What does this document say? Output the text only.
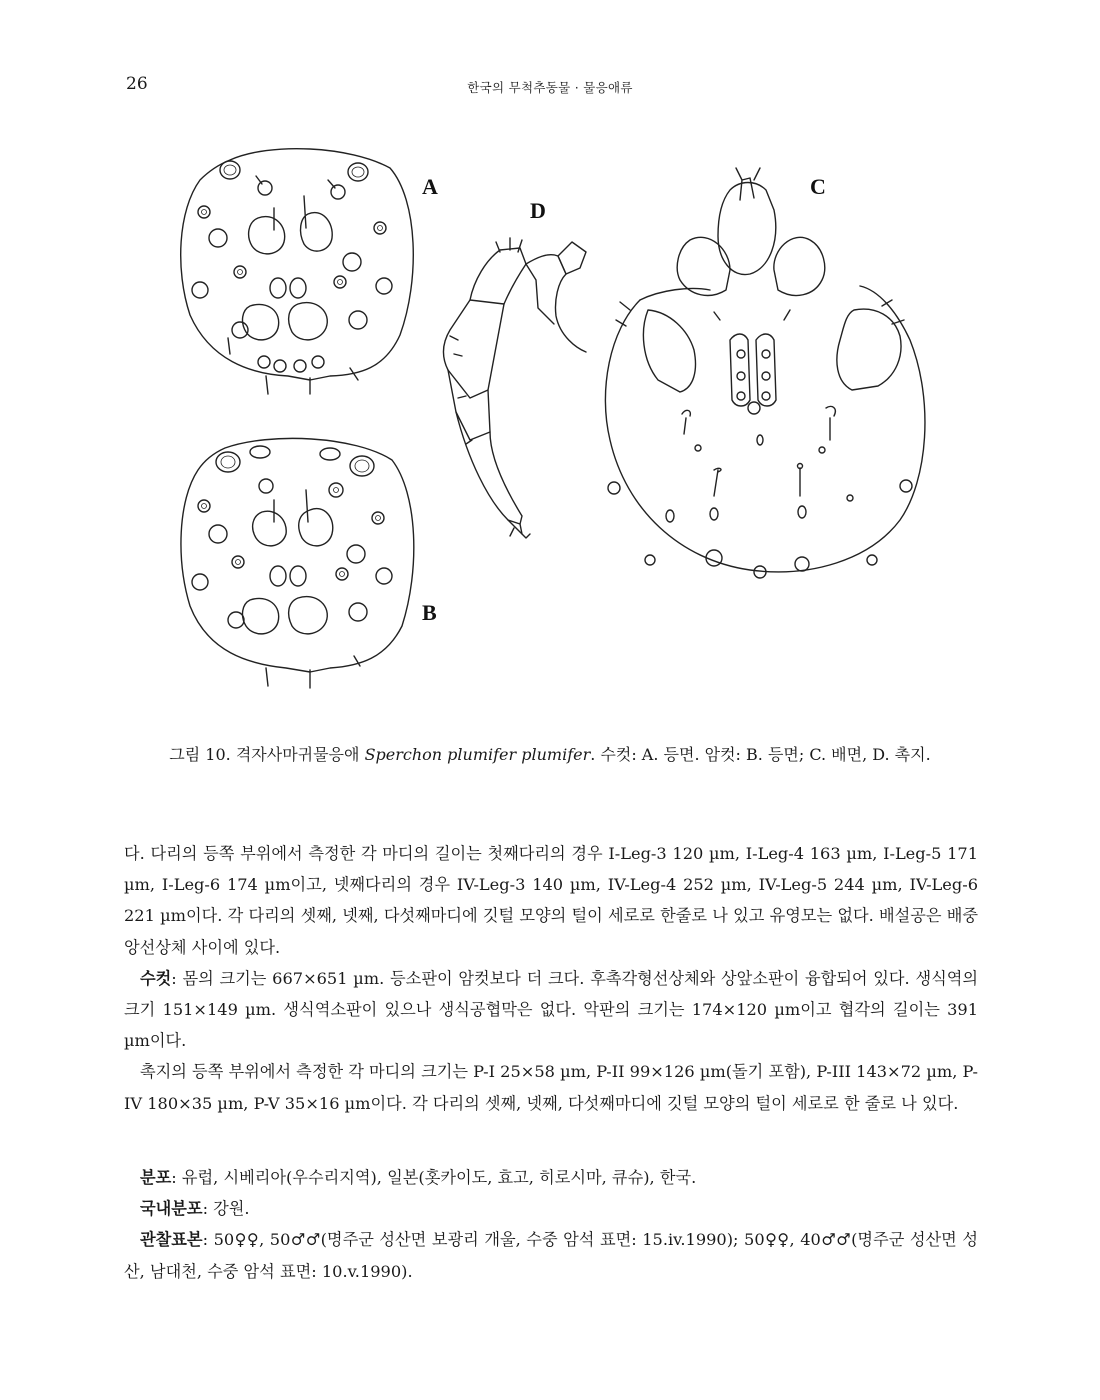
26	한국의 무척추동물 · 물응애류
A
B
D
C
그림 10. 격자사마귀물응애 Sperchon plumifer plumifer. 수컷: A. 등면. 암컷: B. 등면; C. 배면, D. 촉지.

다. 다리의 등쪽 부위에서 측정한 각 마디의 길이는 첫째다리의 경우 I-Leg-3 120 µm, I-Leg-4 163 µm, I-Leg-5 171 µm, I-Leg-6 174 µm이고, 넷째다리의 경우 IV-Leg-3 140 µm, IV-Leg-4 252 µm, IV-Leg-5 244 µm, IV-Leg-6 221 µm이다. 각 다리의 셋째, 넷째, 다섯째마디에 깃털 모양의 털이 세로로 한줄로 나 있고 유영모는 없다. 배설공은 배중앙선상체 사이에 있다.

수컷: 몸의 크기는 667×651 µm. 등소판이 암컷보다 더 크다. 후촉각형선상체와 상앞소판이 융합되어 있다. 생식역의 크기 151×149 µm. 생식역소판이 있으나 생식공협막은 없다. 악판의 크기는 174×120 µm이고 협각의 길이는 391 µm이다.

촉지의 등쪽 부위에서 측정한 각 마디의 크기는 P-I 25×58 µm, P-II 99×126 µm(돌기 포함), P-III 143×72 µm, P-IV 180×35 µm, P-V 35×16 µm이다. 각 다리의 셋째, 넷째, 다섯째마디에 깃털 모양의 털이 세로로 한 줄로 나 있다.

분포: 유럽, 시베리아(우수리지역), 일본(홋카이도, 효고, 히로시마, 큐슈), 한국.

국내분포: 강원.

관찰표본: 50♀♀, 50♂♂(명주군 성산면 보광리 개울, 수중 암석 표면: 15.iv.1990); 50♀♀, 40♂♂(명주군 성산면 성산, 남대천, 수중 암석 표면: 10.v.1990).
